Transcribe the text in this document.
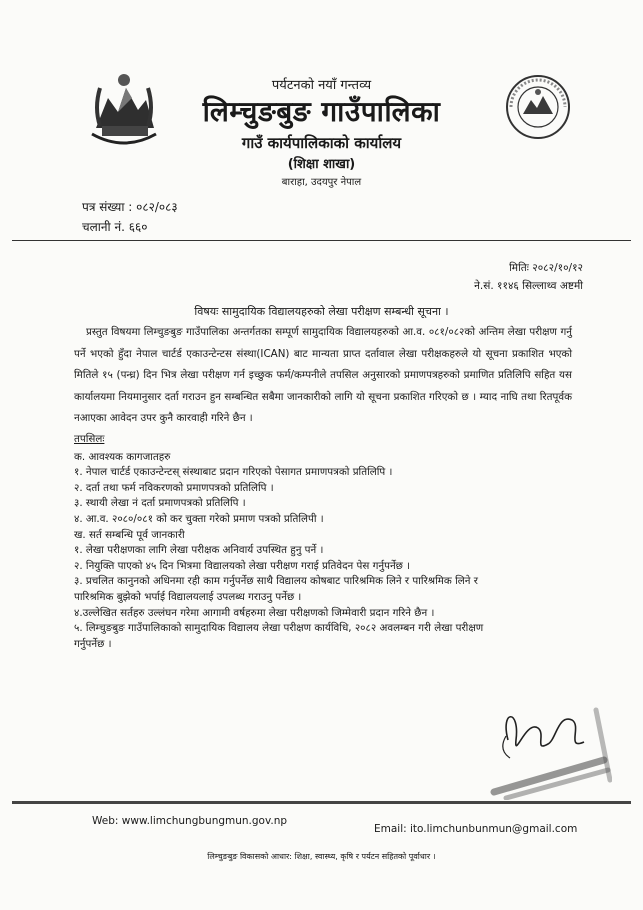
पर्यटनको नयाँ गन्तव्य
लिम्चुङबुङ गाउँपालिका
गाउँ कार्यपालिकाको कार्यालय
(शिक्षा शाखा)
बाराहा, उदयपुर नेपाल
पत्र संख्या : ०८२/०८३
चलानी नं. ६६०
मितिः २०८२/१०/१२
ने.सं. ११४६ सिल्लाथ्व अष्टमी
विषयः सामुदायिक विद्यालयहरुको लेखा परीक्षण सम्बन्धी सूचना ।
प्रस्तुत विषयमा लिम्चुङबुङ गाउँपालिका अन्तर्गतका सम्पूर्ण सामुदायिक विद्यालयहरुको आ.व. ०८१/०८२को अन्तिम लेखा परीक्षण गर्नु पर्ने भएको हुँदा नेपाल चार्टर्ड एकाउन्टेन्टस संस्था(ICAN) बाट मान्यता प्राप्त दर्तावाल लेखा परीक्षकहरुले यो सूचना प्रकाशित भएको मितिले १५ (पन्ध्र) दिन भित्र लेखा परीक्षण गर्न इच्छुक फर्म/कम्पनीले तपसिल अनुसारको प्रमाणपत्रहरुको प्रमाणित प्रतिलिपि सहित यस कार्यालयमा नियमानुसार दर्ता गराउन हुन सम्बन्धित सबैमा जानकारीको लागि यो सूचना प्रकाशित गरिएको छ । म्याद नाघि तथा रितपूर्वक नआएका आवेदन उपर कुनै कारवाही गरिने छैन ।

तपसिलः

क. आवश्यक कागजातहरु

१. नेपाल चार्टर्ड एकाउन्टेन्टस् संस्थाबाट प्रदान गरिएको पेसागत प्रमाणपत्रको प्रतिलिपि ।

२. दर्ता तथा फर्म नविकरणको प्रमाणपत्रको प्रतिलिपि ।

३. स्थायी लेखा नं दर्ता प्रमाणपत्रको प्रतिलिपि ।

४. आ.व. २०८०/०८१ को कर चुक्ता गरेको प्रमाण पत्रको प्रतिलिपी ।

ख. सर्त सम्बन्धि पूर्व जानकारी

१. लेखा परीक्षणका लागि लेखा परीक्षक अनिवार्य उपस्थित हुनु पर्ने ।

२. नियुक्ति पाएको ४५ दिन भित्रमा विद्यालयको लेखा परीक्षण गराई प्रतिवेदन पेस गर्नुपर्नेछ ।

३. प्रचलित कानुनको अधिनमा रही काम गर्नुपर्नेछ साथै विद्यालय कोषबाट पारिश्रमिक लिने र पारिश्रमिक लिने र

पारिश्रमिक बुझेको भर्पाई विद्यालयलाई उपलब्ध गराउनु पर्नेछ ।

४.उल्लेखित सर्तहरु उल्लंघन गरेमा आगामी वर्षहरुमा लेखा परीक्षणको जिम्मेवारी प्रदान गरिने छैन ।

५. लिम्चुङबुङ गाउँपालिकाको सामुदायिक विद्यालय लेखा परीक्षण कार्यविधि, २०८२ अवलम्बन गरी लेखा परीक्षण

गर्नुपर्नेछ ।

Web: www.limchungbungmun.gov.np
Email: ito.limchunbunmun@gmail.com
लिम्चुङबुङ विकासको आधार: शिक्षा, स्वास्थ्य, कृषि र पर्यटन सहितको पूर्वाधार ।
